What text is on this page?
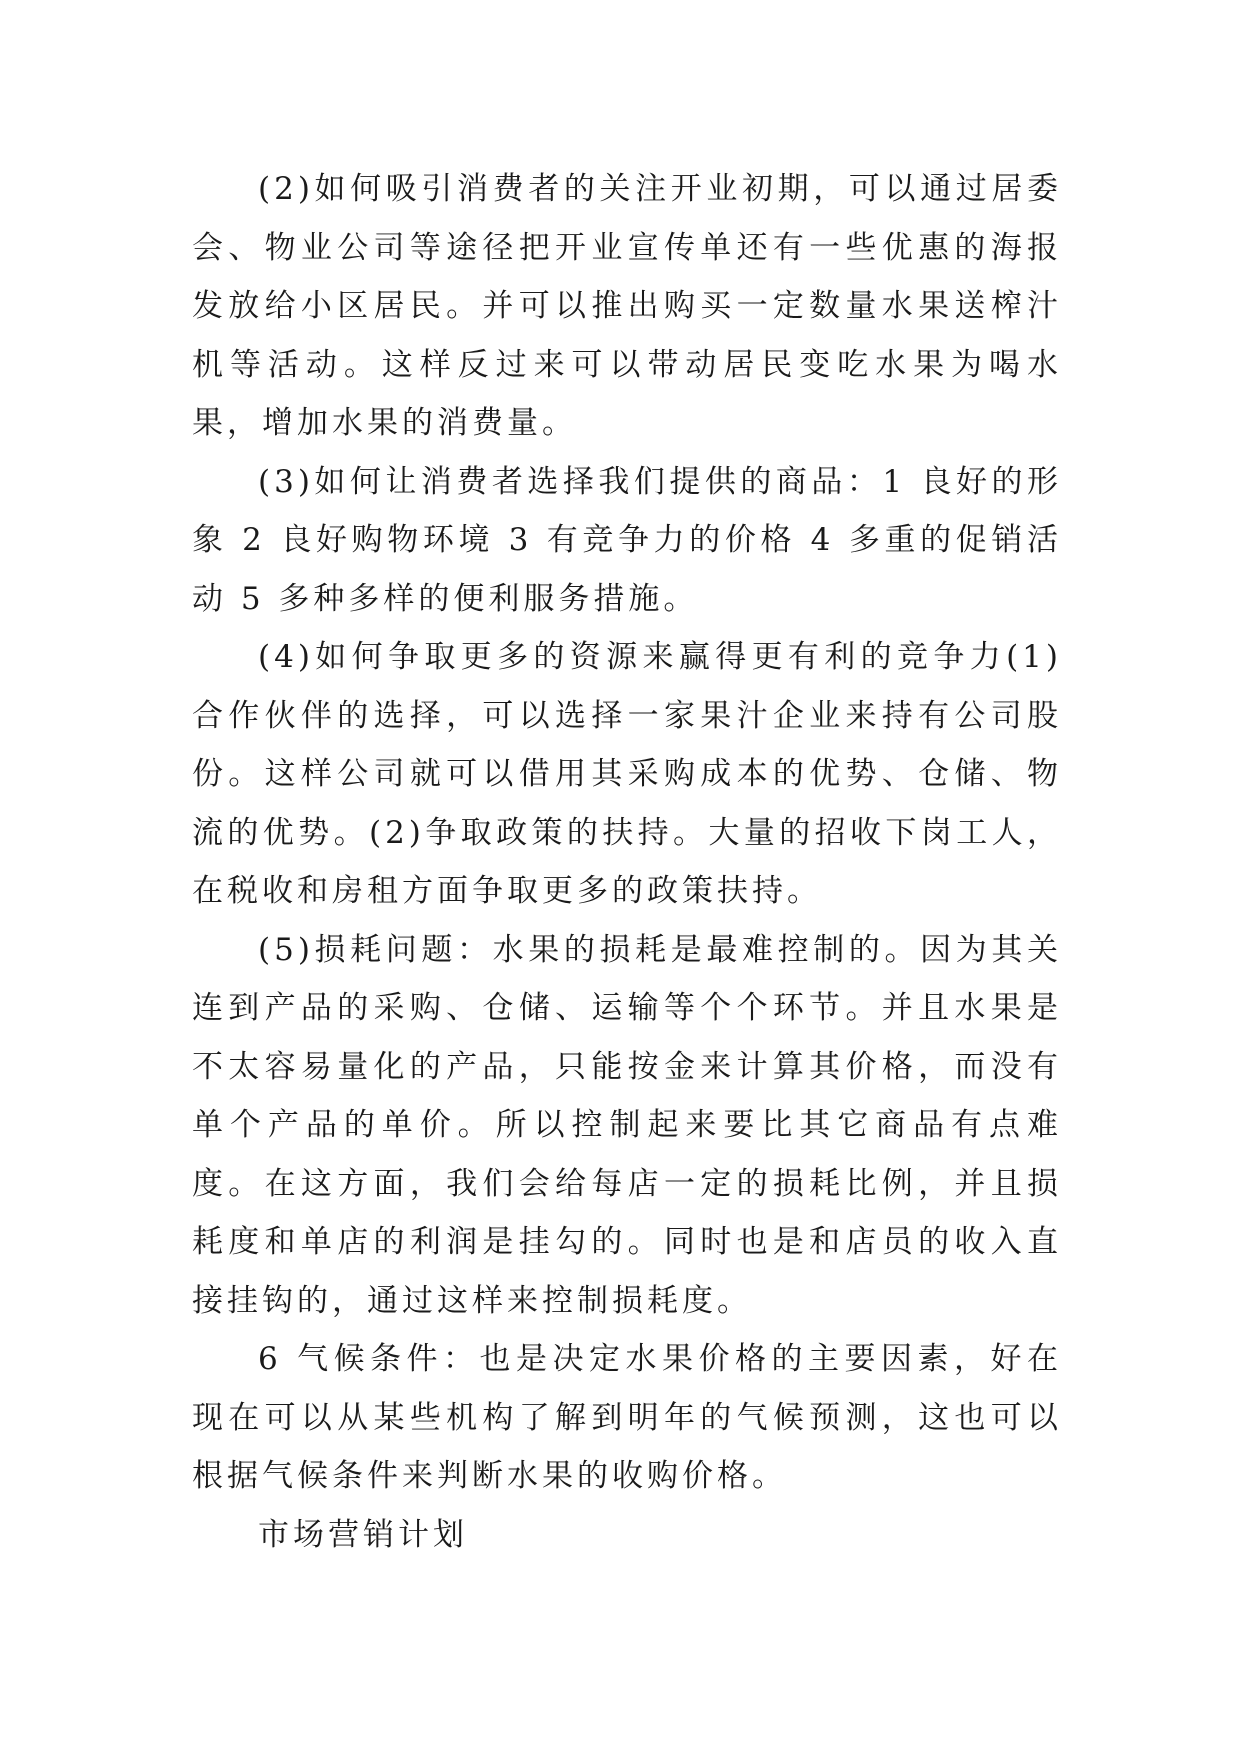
(2)如何吸引消费者的关注开业初期，可以通过居委会、物业公司等途径把开业宣传单还有一些优惠的海报发放给小区居民。并可以推出购买一定数量水果送榨汁机等活动。这样反过来可以带动居民变吃水果为喝水果，增加水果的消费量。

(3)如何让消费者选择我们提供的商品：1 良好的形象 2 良好购物环境 3 有竞争力的价格 4 多重的促销活动 5 多种多样的便利服务措施。

(4)如何争取更多的资源来赢得更有利的竞争力(1)合作伙伴的选择，可以选择一家果汁企业来持有公司股份。这样公司就可以借用其采购成本的优势、仓储、物流的优势。(2)争取政策的扶持。大量的招收下岗工人，在税收和房租方面争取更多的政策扶持。

(5)损耗问题：水果的损耗是最难控制的。因为其关连到产品的采购、仓储、运输等个个环节。并且水果是不太容易量化的产品，只能按金来计算其价格，而没有单个产品的单价。所以控制起来要比其它商品有点难度。在这方面，我们会给每店一定的损耗比例，并且损耗度和单店的利润是挂勾的。同时也是和店员的收入直接挂钩的，通过这样来控制损耗度。

6 气候条件：也是决定水果价格的主要因素，好在现在可以从某些机构了解到明年的气候预测，这也可以根据气候条件来判断水果的收购价格。

市场营销计划
